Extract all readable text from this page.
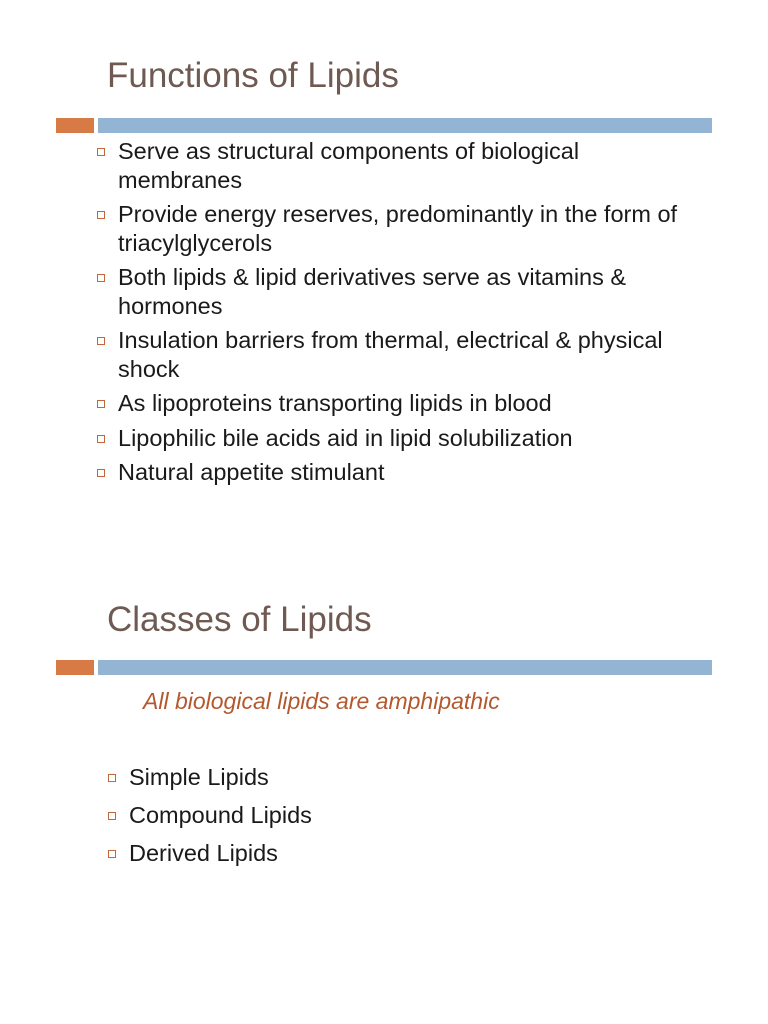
Functions of Lipids
Serve as structural components of biological membranes
Provide energy reserves, predominantly in the form of triacylglycerols
Both lipids & lipid derivatives serve as vitamins & hormones
Insulation barriers from thermal, electrical & physical shock
As lipoproteins transporting lipids in blood
Lipophilic bile acids aid in lipid solubilization
Natural appetite stimulant
Classes of Lipids

All biological lipids are amphipathic

Simple Lipids
Compound Lipids
Derived Lipids
